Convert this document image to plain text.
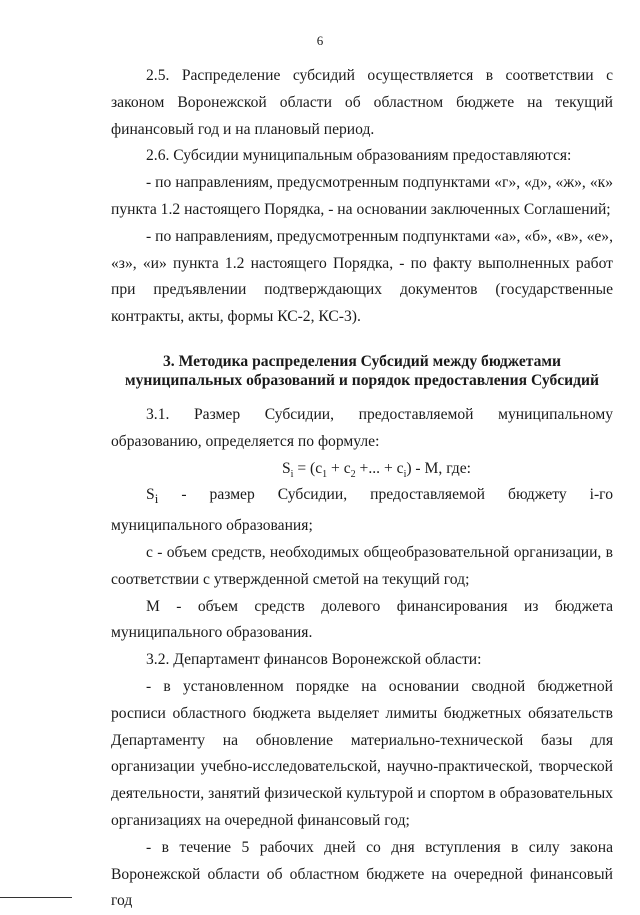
6

2.5. Распределение субсидий осуществляется в соответствии с законом Воронежской области об областном бюджете на текущий финансовый год и на плановый период.

2.6. Субсидии муниципальным образованиям предоставляются:

- по направлениям, предусмотренным подпунктами «г», «д», «ж», «к» пункта 1.2 настоящего Порядка, - на основании заключенных Соглашений;

- по направлениям, предусмотренным подпунктами «а», «б», «в», «е», «з», «и» пункта 1.2 настоящего Порядка, - по факту выполненных работ при предъявлении подтверждающих документов (государственные контракты, акты, формы КС-2, КС-3).

3. Методика распределения Субсидий между бюджетами
муниципальных образований и порядок предоставления Субсидий

3.1. Размер Субсидии, предоставляемой муниципальному образованию, определяется по формуле:

$S_i = (c_1 + c_2$ +... + $c_i$) - M, где:

$S_i$ - размер Субсидии, предоставляемой бюджету i-го муниципального образования;

c - объем средств, необходимых общеобразовательной организации, в соответствии с утвержденной сметой на текущий год;

М - объем средств долевого финансирования из бюджета муниципального образования.

3.2. Департамент финансов Воронежской области:

- в установленном порядке на основании сводной бюджетной росписи областного бюджета выделяет лимиты бюджетных обязательств Департаменту на обновление материально-технической базы для организации учебно-исследовательской, научно-практической, творческой деятельности, занятий физической культурой и спортом в образовательных организациях на очередной финансовый год;

- в течение 5 рабочих дней со дня вступления в силу закона Воронежской области об областном бюджете на очередной финансовый год
